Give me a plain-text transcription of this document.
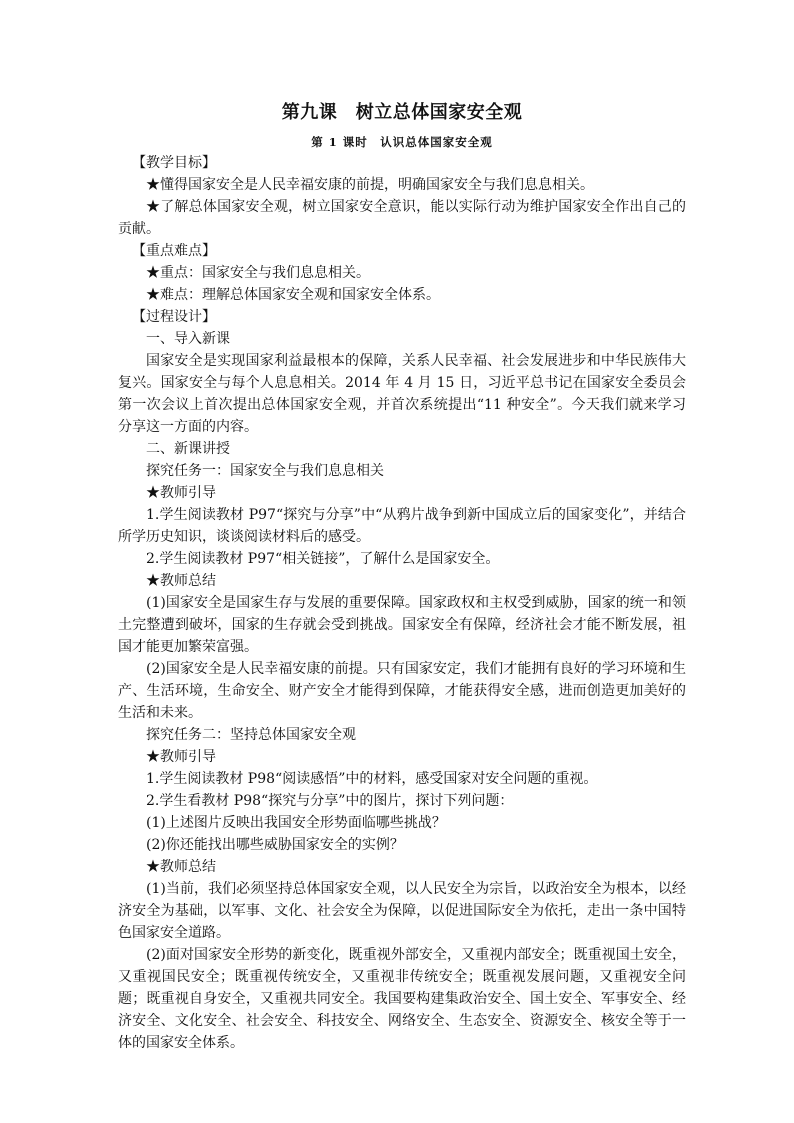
第九课　树立总体国家安全观
第 1 课时　认识总体国家安全观

【教学目标】

★懂得国家安全是人民幸福安康的前提，明确国家安全与我们息息相关。

★了解总体国家安全观，树立国家安全意识，能以实际行动为维护国家安全作出自己的贡献。

【重点难点】

★重点：国家安全与我们息息相关。

★难点：理解总体国家安全观和国家安全体系。

【过程设计】

一、导入新课

国家安全是实现国家利益最根本的保障，关系人民幸福、社会发展进步和中华民族伟大复兴。国家安全与每个人息息相关。2014 年 4 月 15 日，习近平总书记在国家安全委员会第一次会议上首次提出总体国家安全观，并首次系统提出“11 种安全”。今天我们就来学习分享这一方面的内容。

二、新课讲授

探究任务一：国家安全与我们息息相关

★教师引导

1.学生阅读教材 P97“探究与分享”中“从鸦片战争到新中国成立后的国家变化”，并结合所学历史知识，谈谈阅读材料后的感受。

2.学生阅读教材 P97“相关链接”，了解什么是国家安全。

★教师总结

(1)国家安全是国家生存与发展的重要保障。国家政权和主权受到威胁，国家的统一和领土完整遭到破坏，国家的生存就会受到挑战。国家安全有保障，经济社会才能不断发展，祖国才能更加繁荣富强。

(2)国家安全是人民幸福安康的前提。只有国家安定，我们才能拥有良好的学习环境和生产、生活环境，生命安全、财产安全才能得到保障，才能获得安全感，进而创造更加美好的生活和未来。

探究任务二：坚持总体国家安全观

★教师引导

1.学生阅读教材 P98“阅读感悟”中的材料，感受国家对安全问题的重视。

2.学生看教材 P98“探究与分享”中的图片，探讨下列问题：

(1)上述图片反映出我国安全形势面临哪些挑战？

(2)你还能找出哪些威胁国家安全的实例？

★教师总结

(1)当前，我们必须坚持总体国家安全观，以人民安全为宗旨，以政治安全为根本，以经济安全为基础，以军事、文化、社会安全为保障，以促进国际安全为依托，走出一条中国特色国家安全道路。

(2)面对国家安全形势的新变化，既重视外部安全，又重视内部安全；既重视国土安全，又重视国民安全；既重视传统安全，又重视非传统安全；既重视发展问题，又重视安全问题；既重视自身安全，又重视共同安全。我国要构建集政治安全、国土安全、军事安全、经济安全、文化安全、社会安全、科技安全、网络安全、生态安全、资源安全、核安全等于一体的国家安全体系。
